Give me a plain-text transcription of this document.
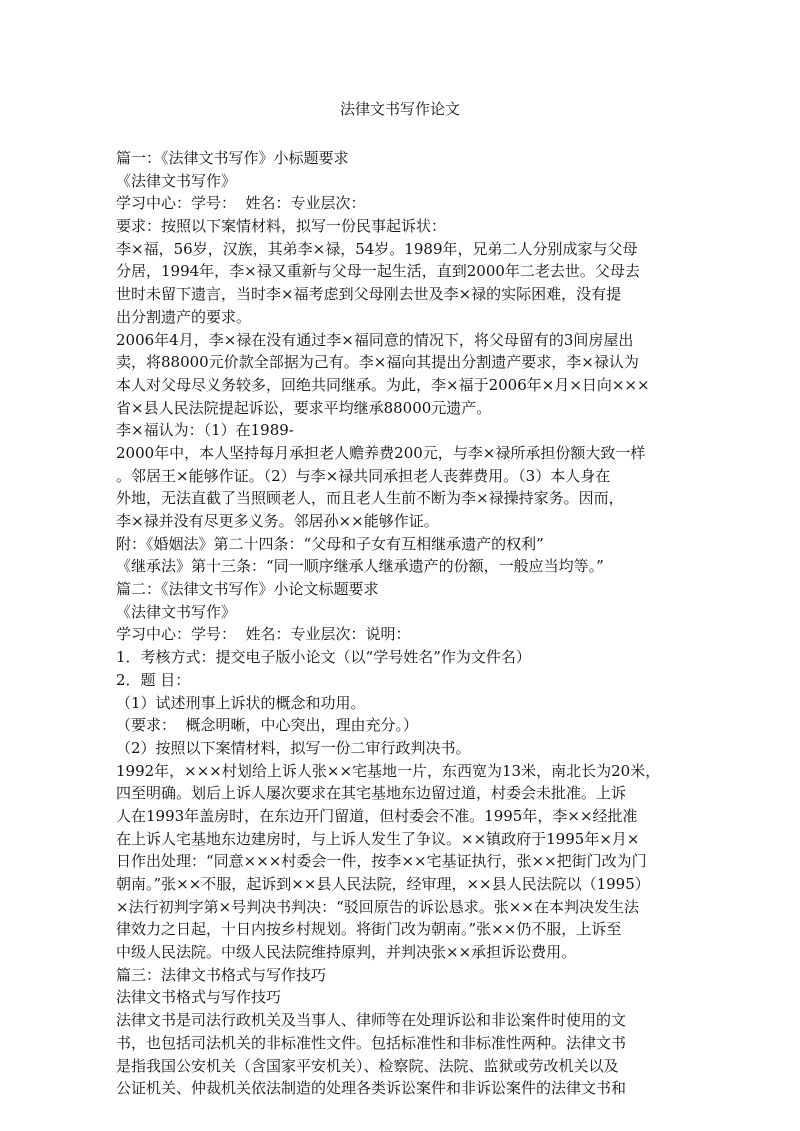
法律文书写作论文
篇一：《法律文书写作》小标题要求
《法律文书写作》
学习中心：学号：  姓名：专业层次：
要求：按照以下案情材料，拟写一份民事起诉状：
李×福，56岁，汉族，其弟李×禄，54岁。1989年，兄弟二人分别成家与父母
分居，1994年，李×禄又重新与父母一起生活，直到2000年二老去世。父母去
世时未留下遗言，当时李×福考虑到父母刚去世及李×禄的实际困难，没有提
出分割遗产的要求。
2006年4月，李×禄在没有通过李×福同意的情况下，将父母留有的3间房屋出
卖，将88000元价款全部据为己有。李×福向其提出分割遗产要求，李×禄认为
本人对父母尽义务较多，回绝共同继承。为此，李×福于2006年×月×日向×××
省×县人民法院提起诉讼，要求平均继承88000元遗产。
李×福认为：（1）在1989-
2000年中，本人坚持每月承担老人赡养费200元，与李×禄所承担份额大致一样
。邻居王×能够作证。（2）与李×禄共同承担老人丧葬费用。（3）本人身在
外地，无法直截了当照顾老人，而且老人生前不断为李×禄操持家务。因而，
李×禄并没有尽更多义务。邻居孙××能够作证。
附：《婚姻法》第二十四条：“父母和子女有互相继承遗产的权利”
《继承法》第十三条：“同一顺序继承人继承遗产的份额，一般应当均等。”
篇二：《法律文书写作》小论文标题要求
《法律文书写作》
学习中心：学号：  姓名：专业层次：说明：
1．考核方式：提交电子版小论文（以“学号姓名”作为文件名）
2．题 目：
（1）试述刑事上诉状的概念和功用。
（要求：  概念明晰，中心突出，理由充分。）
（2）按照以下案情材料，拟写一份二审行政判决书。
1992年，×××村划给上诉人张××宅基地一片，东西宽为13米，南北长为20米，
四至明确。划后上诉人屡次要求在其宅基地东边留过道，村委会未批准。上诉
人在1993年盖房时，在东边开门留道，但村委会不准。1995年，李××经批准
在上诉人宅基地东边建房时，与上诉人发生了争议。××镇政府于1995年×月×
日作出处理：“同意×××村委会一件，按李××宅基证执行，张××把街门改为门
朝南。”张××不服，起诉到××县人民法院，经审理，××县人民法院以（1995）
×法行初判字第×号判决书判决：“驳回原告的诉讼恳求。张××在本判决发生法
律效力之日起，十日内按乡村规划。将街门改为朝南。”张××仍不服，上诉至
中级人民法院。中级人民法院维持原判，并判决张××承担诉讼费用。
篇三：法律文书格式与写作技巧
法律文书格式与写作技巧
法律文书是司法行政机关及当事人、律师等在处理诉讼和非讼案件时使用的文
书，也包括司法机关的非标准性文件。包括标准性和非标准性两种。法律文书
是指我国公安机关（含国家平安机关）、检察院、法院、监狱或劳改机关以及
公证机关、仲裁机关依法制造的处理各类诉讼案件和非诉讼案件的法律文书和
